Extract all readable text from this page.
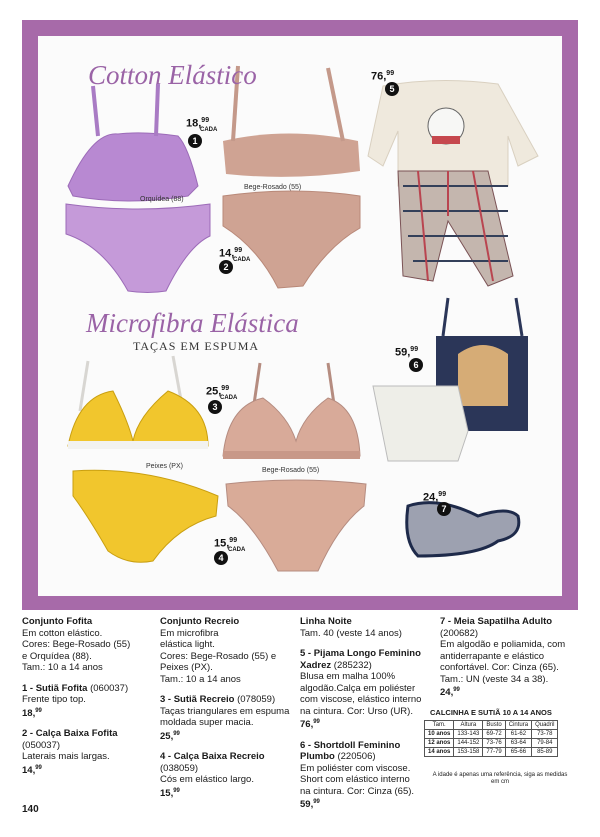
Cotton Elástico
Microfibra Elástica
TAÇAS EM ESPUMA
Orquídea (88)
Bege-Rosado (55)
Peixes (PX)
Bege-Rosado (55)
18,99
CADA
1
14,99
CADA
2
76,99
5
25,99
CADA
3
15,99
CADA
4
59,99
6
24,99
7
Conjunto Fofita
Em cotton elástico.
Cores: Bege-Rosado (55)
e Orquídea (88).
Tam.: 10 a 14 anos
1 - Sutiã Fofita (060037)
Frente tipo top.
18,99
2 - Calça Baixa Fofita
(050037)
Laterais mais largas.
14,99
Conjunto Recreio
Em microfibra
elástica light.
Cores: Bege-Rosado (55) e
Peixes (PX).
Tam.: 10 a 14 anos
3 - Sutiã Recreio (078059)
Taças triangulares em espuma
moldada super macia.
25,99
4 - Calça Baixa Recreio
(038059)
Cós em elástico largo.
15,99
Linha Noite
Tam. 40 (veste 14 anos)
5 - Pijama Longo Feminino
Xadrez (285232)
Blusa em malha 100%
algodão.Calça em poliéster
com viscose, elástico interno
na cintura. Cor: Urso (UR).
76,99
6 - Shortdoll Feminino
Plumbo (220506)
Em poliéster com viscose.
Short com elástico interno
na cintura. Cor: Cinza (65).
59,99
7 - Meia Sapatilha Adulto
(200682)
Em algodão e poliamida, com
antiderrapante e elástico
confortável. Cor: Cinza (65).
Tam.: UN (veste 34 a 38).
24,99
CALCINHA E SUTIÃ 10 A 14 ANOS
Tam.	Altura	Busto	Cintura	Quadril
10 anos	133-143	69-72	61-62	73-78
12 anos	144-152	73-76	63-64	79-84
14 anos	153-158	77-79	65-66	85-89
A idade é apenas uma referência, siga as medidas em cm
140
